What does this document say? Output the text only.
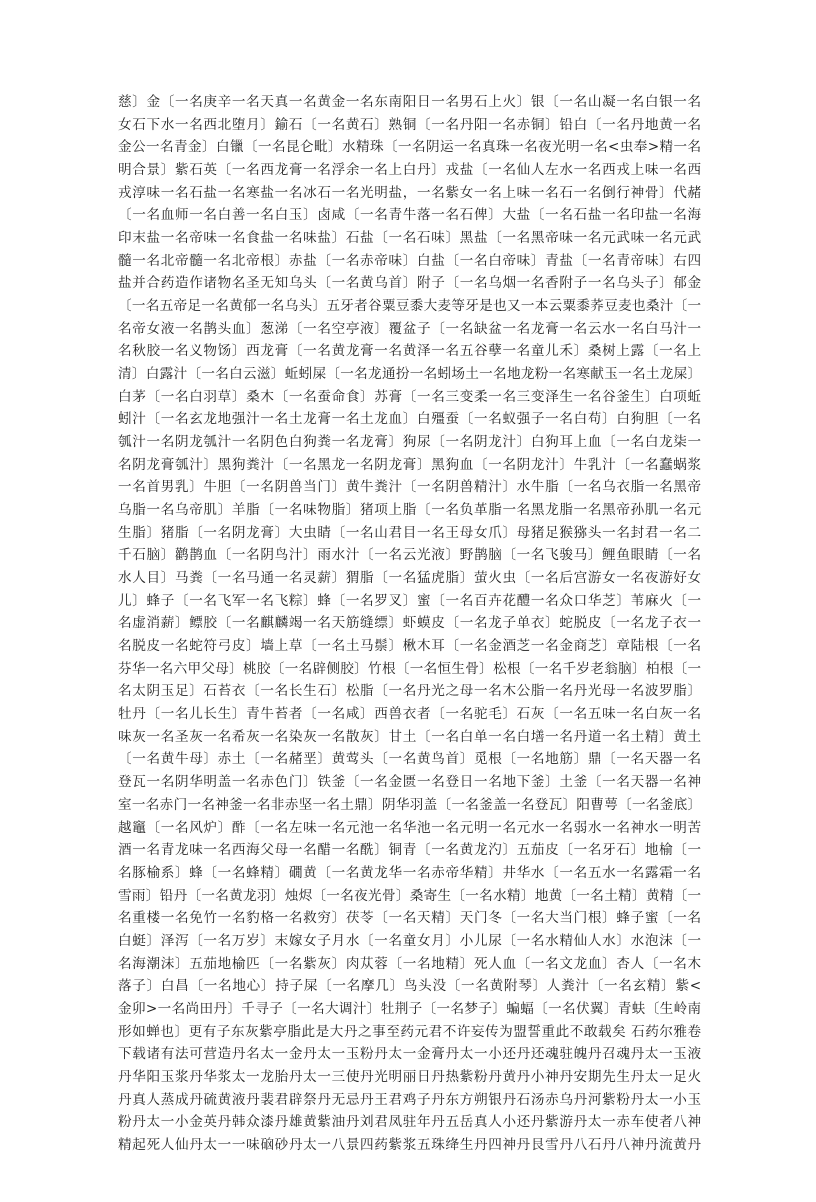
慈〕金〔一名庚辛一名天真一名黄金一名东南阳日一名男石上火〕银〔一名山凝一名白银一名
女石下水一名西北堕月〕鍮石〔一名黄石〕熟铜〔一名丹阳一名赤铜〕铅白〔一名丹地黄一名
金公一名青金〕白镴〔一名昆仑毗〕水精珠〔一名阴运一名真珠一名夜光明一名<虫奉>精一名
明合景〕紫石英〔一名西龙膏一名浮余一名上白丹〕戎盐〔一名仙人左水一名西戎上味一名西
戎淳味一名石盐一名寒盐一名冰石一名光明盐，一名紫女一名上味一名石一名倒行神骨〕代赭
〔一名血师一名白善一名白玉〕卤咸〔一名青牛落一名石俾〕大盐〔一名石盐一名印盐一名海
印末盐一名帝味一名食盐一名味盐〕石盐〔一名石味〕黑盐〔一名黑帝味一名元武味一名元武
髓一名北帝髓一名北帝根〕赤盐〔一名赤帝味〕白盐〔一名白帝味〕青盐〔一名青帝味〕右四
盐并合药造作诸物名圣无知乌头〔一名黄乌首〕附子〔一名乌烟一名香附子一名乌头子〕郁金
〔一名五帝足一名黄郁一名乌头〕五牙者谷粟豆黍大麦等牙是也又一本云粟黍荞豆麦也桑汁〔一
名帝女液一名鹊头血〕葱涕〔一名空亭液〕覆盆子〔一名缺盆一名龙膏一名云水一名白马汁一
名秋胶一名义物饧〕西龙膏〔一名黄龙膏一名黄泽一名五谷孽一名童儿禾〕桑树上露〔一名上
清〕白露汁〔一名白云滋〕蚯蚓屎〔一名龙通扮一名蚓场土一名地龙粉一名寒献玉一名土龙屎〕
白茅〔一名白羽草〕桑木〔一名蚕命食〕苏膏〔一名三变柔一名三变泽生一名谷釜生〕白项蚯
蚓汁〔一名玄龙地强汁一名土龙膏一名土龙血〕白殭蚕〔一名蚁强子一名白苟〕白狗胆〔一名
瓠汁一名阴龙瓠汁一名阴色白狗粪一名龙膏〕狗尿〔一名阴龙汁〕白狗耳上血〔一名白龙柒一
名阴龙膏瓠汁〕黑狗粪汁〔一名黑龙一名阴龙膏〕黑狗血〔一名阴龙汁〕牛乳汁〔一名蠢蜗浆
一名首男乳〕牛胆〔一名阴兽当门〕黄牛粪汁〔一名阴兽精汁〕水牛脂〔一名乌衣脂一名黑帝
乌脂一名乌帝肌〕羊脂〔一名味物脂〕猪项上脂〔一名负革脂一名黑龙脂一名黑帝孙肌一名元
生脂〕猪脂〔一名阴龙膏〕大虫睛〔一名山君目一名王母女爪〕母猪足猴猕头一名封君一名二
千石脑〕鹳鹊血〔一名阴鸟汁〕雨水汁〔一名云光液〕野鹊脑〔一名飞骏马〕鲤鱼眼睛〔一名
水人目〕马粪〔一名马通一名灵薪〕猬脂〔一名猛虎脂〕萤火虫〔一名后宫游女一名夜游好女
儿〕蜂子〔一名飞军一名飞粽〕蜂〔一名罗叉〕蜜〔一名百卉花醴一名众口华芝〕苇麻火〔一
名虚消薪〕鳔胶〔一名麒麟竭一名天筋缝缥〕虾蟆皮〔一名龙子单衣〕蛇脱皮〔一名龙子衣一
名脱皮一名蛇符弓皮〕墙上草〔一名土马鬃〕楸木耳〔一名金酒芝一名金商芝〕章陆根〔一名
芬华一名六甲父母〕桃胶〔一名辟侧胶〕竹根〔一名恒生骨〕松根〔一名千岁老翁脑〕柏根〔一
名太阴玉足〕石苔衣〔一名长生石〕松脂〔一名丹光之母一名木公脂一名丹光母一名波罗脂〕
牡丹〔一名儿长生〕青牛苔者〔一名咸〕西兽衣者〔一名驼毛〕石灰〔一名五味一名白灰一名
味灰一名圣灰一名希灰一名染灰一名散灰〕甘土〔一名白单一名白墡一名丹道一名土精〕黄土
〔一名黄牛母〕赤土〔一名赭垩〕黄莺头〔一名黄鸟首〕觅根〔一名地筋〕鼎〔一名天器一名
登瓦一名阴华明盖一名赤色门〕铁釜〔一名金匮一名登日一名地下釜〕土釜〔一名天器一名神
室一名赤门一名神釜一名非赤坚一名土鼎〕阴华羽盖〔一名釜盖一名登瓦〕阳曹萼〔一名釜底〕
越竈〔一名风炉〕酢〔一名左味一名元池一名华池一名元明一名元水一名弱水一名神水一明苦
酒一名青龙味一名西海父母一名醋一名酰〕铜青〔一名黄龙汋〕五茄皮〔一名牙石〕地榆〔一
名豚榆系〕蜂〔一名蜂精〕礀黄〔一名黄龙华一名赤帝华精〕井华水〔一名五水一名露霜一名
雪雨〕铅丹〔一名黄龙羽〕烛烬〔一名夜光骨〕桑寄生〔一名水精〕地黄〔一名土精〕黄精〔一
名重楼一名免竹一名豹格一名救穷〕茯苓〔一名天精〕天门冬〔一名大当门根〕蜂子蜜〔一名
白蜓〕泽泻〔一名万岁〕末嫁女子月水〔一名童女月〕小儿尿〔一名水精仙人水〕水泡沫〔一
名海潮沫〕五茄地榆匹〔一名紫灰〕肉苁蓉〔一名地精〕死人血〔一名文龙血〕杏人〔一名木
落子〕白昌〔一名地心〕持子屎〔一名摩几〕鸟头没〔一名黄附琴〕人粪汁〔一名玄精〕紫<
金卯>一名尚田丹〕千寻子〔一名大调汁〕牡荆子〔一名梦子〕蝙蝠〔一名伏翼〕青蚨〔生岭南
形如蝉也〕更有子东灰紫亭脂此是大丹之事至药元君不许妄传为盟誓重此不敢载矣 石药尔雅卷
下载诸有法可营造丹名太一金丹太一玉粉丹太一金膏丹太一小还丹还魂驻魄丹召魂丹太一玉液
丹华阳玉浆丹华浆太一龙胎丹太一三使丹光明丽日丹热紫粉丹黄丹小神丹安期先生丹太一足火
丹真人蒸成丹硫黄液丹裴君辟祭丹无忌丹王君鸡子丹东方朔银丹石汤赤乌丹河紫粉丹太一小玉
粉丹太一小金英丹韩众漆丹雄黄紫油丹刘君凤驻年丹五岳真人小还丹紫游丹太一赤车使者八神
精起死人仙丹太一一味硇砂丹太一八景四药紫浆五珠绛生丹四神丹艮雪丹八石丹八神丹流黄丹
